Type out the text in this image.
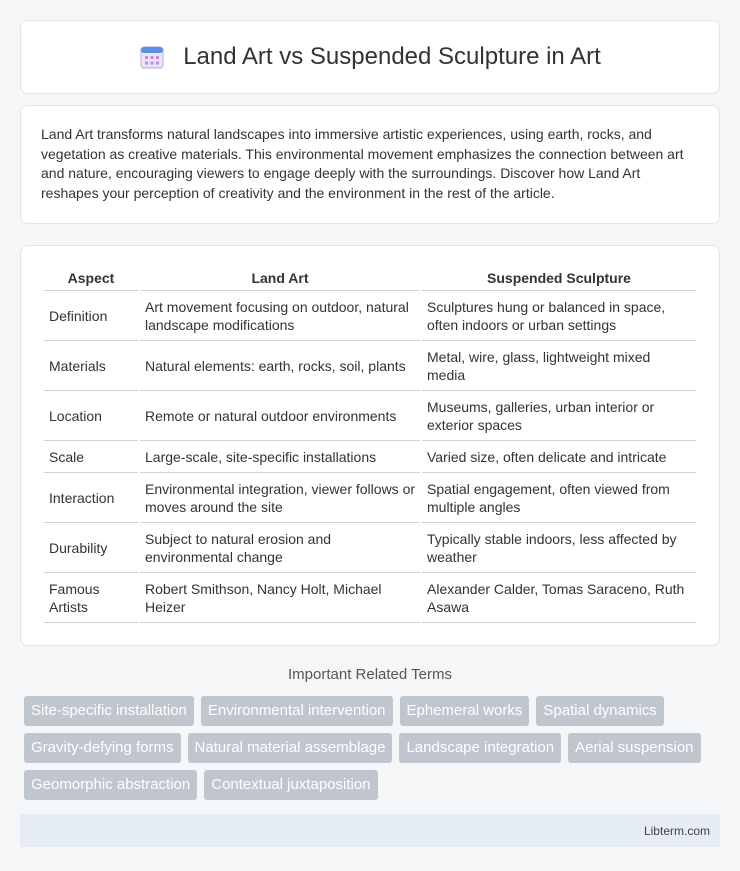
Land Art vs Suspended Sculpture in Art

Land Art transforms natural landscapes into immersive artistic experiences, using earth, rocks, and vegetation as creative materials. This environmental movement emphasizes the connection between art and nature, encouraging viewers to engage deeply with the surroundings. Discover how Land Art reshapes your perception of creativity and the environment in the rest of the article.

Aspect	Land Art	Suspended Sculpture
Definition	Art movement focusing on outdoor, natural landscape modifications	Sculptures hung or balanced in space, often indoors or urban settings
Materials	Natural elements: earth, rocks, soil, plants	Metal, wire, glass, lightweight mixed media
Location	Remote or natural outdoor environments	Museums, galleries, urban interior or exterior spaces
Scale	Large-scale, site-specific installations	Varied size, often delicate and intricate
Interaction	Environmental integration, viewer follows or moves around the site	Spatial engagement, often viewed from multiple angles
Durability	Subject to natural erosion and environmental change	Typically stable indoors, less affected by weather
Famous Artists	Robert Smithson, Nancy Holt, Michael Heizer	Alexander Calder, Tomas Saraceno, Ruth Asawa
Important Related Terms
Site-specific installation	Environmental intervention	Ephemeral works	Spatial dynamics
Gravity-defying forms	Natural material assemblage	Landscape integration	Aerial suspension
Geomorphic abstraction	Contextual juxtaposition
Libterm.com
